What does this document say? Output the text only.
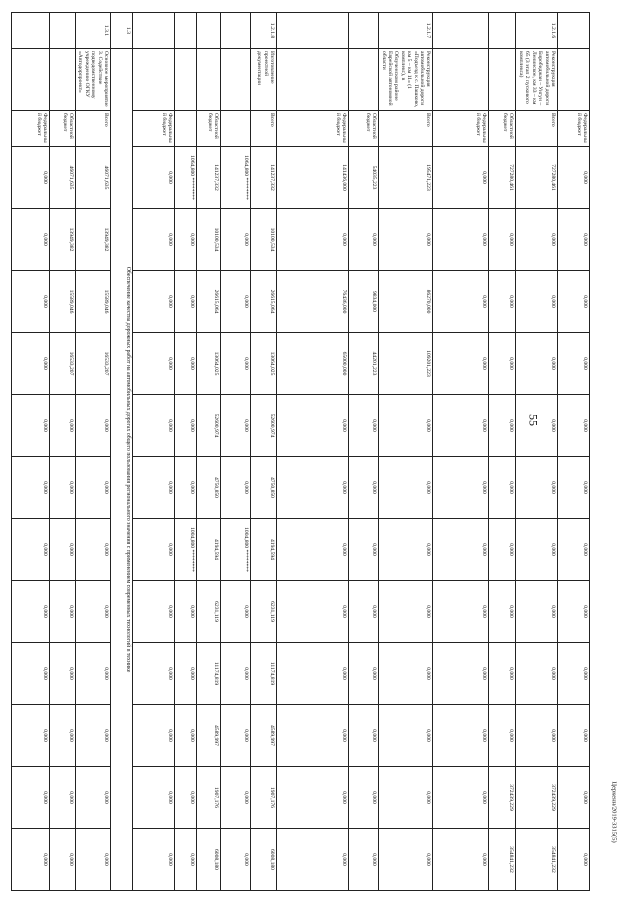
55
Церкенн/2019-3315(5)
		Федеральный бюджет	0,000	0,000	0,000	0,000	0,000	0,000	0,000	0,000	0,000	0,000	0,000	0,000
1.2.1.6	Реконструкция автомобильной дороги Биробиджан – Унгун – Ленинское, км 33 – км 65 (3 этап 2 пускового комплекса)	Всего	727280,461	0,000	0,000	0,000	0,000	0,000	0,000	0,000	0,000	0,000	372439,229	354841,232
		Областной бюджет	727280,461	0,000	0,000	0,000	0,000	0,000	0,000	0,000	0,000	0,000	372439,229	354841,232
		Федеральный бюджет	0,000	0,000	0,000	0,000	0,000	0,000	0,000	0,000	0,000	0,000	0,000	0,000
1.2.1.7	Реконструкция автомобильной дороги «Подъезд к с. Пашково, км 5 – км 11» (1 комплекс), в Облученском районе Еврейской автономной области	Всего	195471,223	0,000	86270,000	109201,223	0,000	0,000	0,000	0,000	0,000	0,000	0,000	0,000
		Областной бюджет	54035,223	0,000	9834,000	44201,223	0,000	0,000	0,000	0,000	0,000	0,000	0,000	0,000
		Федеральный бюджет	141436,000	0,000	76436,000	65000,000	0,000	0,000	0,000	0,000	0,000	0,000	0,000	0,000
1.2.1.8	Изготовление проектной документации	Всего	141237,332	10100,534	26615,064	13064,025	52600,974	4750,850	4194,594	6231,119	11174,819	4589,997	1907,176	6008,180
			1064,800 ********	0,000	0,000	0,000	0,000	0,000	1004,800 ********	0,000	0,000	0,000	0,000	0,000
		Областной бюджет	141237,332	10100,534	26615,064	13064,025	52600,974	4750,850	4194,594	6231,119	11174,819	4589,997	1907,176	6008,180
			1064,800 ********	0,000	0,000	0,000	0,000	0,000	1004,800 ********	0,000	0,000	0,000	0,000	0,000
		Федеральный бюджет	0,000	0,000	0,000	0,000	0,000	0,000	0,000	0,000	0,000	0,000	0,000	0,000
1.3	Обеспечение качества дорожных работ на автомобильных дорогах общего пользования регионального значения с применением современных технологий в технике													
1.3.1	Основное мероприятие 3. Содействие подведомственному учреждению ОГКУ «Автодорпроект»	Всего	46071,635	13949,382	15589,046	16533,207	0,000	0,000	0,000	0,000	0,000	0,000	0,000	0,000
		Областной бюджет	46071,635	13949,382	15589,046	16533,207	0,000	0,000	0,000	0,000	0,000	0,000	0,000	0,000
		Федеральный бюджет	0,000	0,000	0,000	0,000	0,000	0,000	0,000	0,000	0,000	0,000	0,000	0,000
